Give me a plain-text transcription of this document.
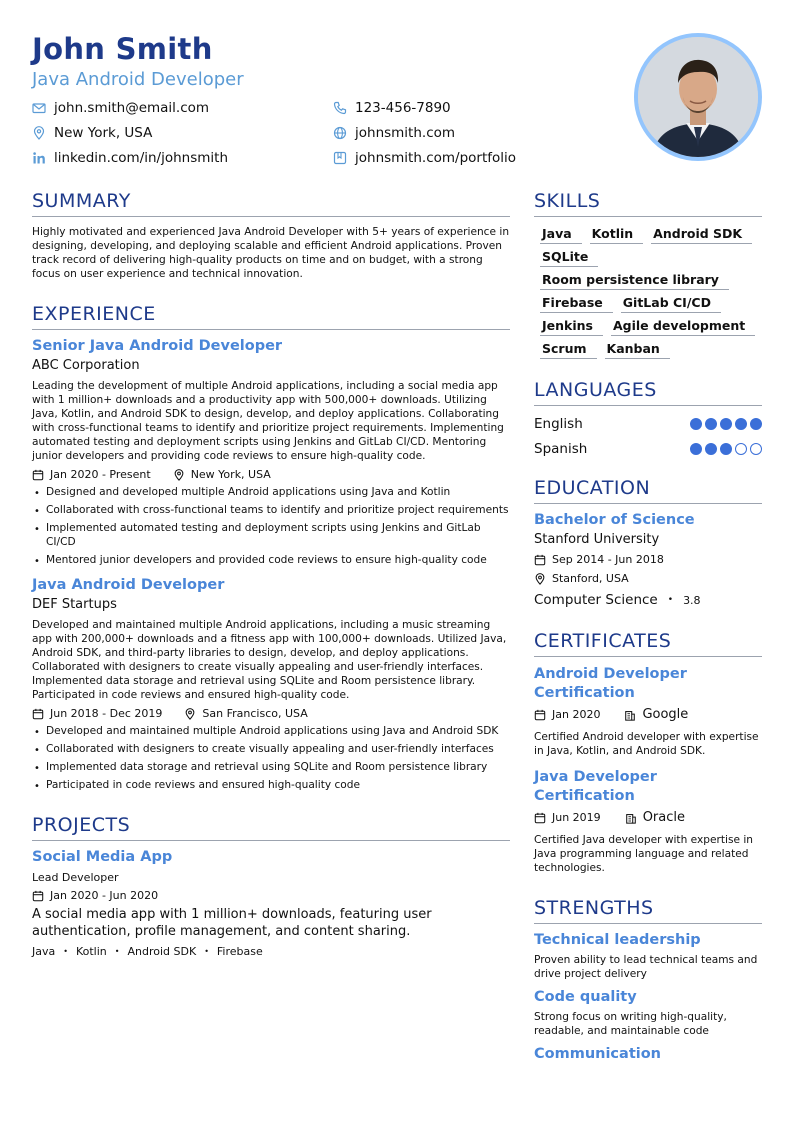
John Smith
Java Android Developer
john.smith@email.com	123-456-7890
New York, USA	johnsmith.com
linkedin.com/in/johnsmith	johnsmith.com/portfolio
SUMMARY
Highly motivated and experienced Java Android Developer with 5+ years of experience in designing, developing, and deploying scalable and efficient Android applications. Proven track record of delivering high-quality products on time and on budget, with a strong focus on user experience and technical innovation.
EXPERIENCE
Senior Java Android Developer
ABC Corporation
Leading the development of multiple Android applications, including a social media app with 1 million+ downloads and a productivity app with 500,000+ downloads. Utilizing Java, Kotlin, and Android SDK to design, develop, and deploy applications. Collaborating with cross-functional teams to identify and prioritize project requirements. Implementing automated testing and deployment scripts using Jenkins and GitLab CI/CD. Mentoring junior developers and providing code reviews to ensure high-quality code.
Jan 2020 - Present	New York, USA
• Designed and developed multiple Android applications using Java and Kotlin
• Collaborated with cross-functional teams to identify and prioritize project requirements
• Implemented automated testing and deployment scripts using Jenkins and GitLab CI/CD
• Mentored junior developers and provided code reviews to ensure high-quality code
Java Android Developer
DEF Startups
Developed and maintained multiple Android applications, including a music streaming app with 200,000+ downloads and a fitness app with 100,000+ downloads. Utilized Java, Android SDK, and third-party libraries to design, develop, and deploy applications. Collaborated with designers to create visually appealing and user-friendly interfaces. Implemented data storage and retrieval using SQLite and Room persistence library. Participated in code reviews and ensured high-quality code.
Jun 2018 - Dec 2019	San Francisco, USA
• Developed and maintained multiple Android applications using Java and Android SDK
• Collaborated with designers to create visually appealing and user-friendly interfaces
• Implemented data storage and retrieval using SQLite and Room persistence library
• Participated in code reviews and ensured high-quality code
PROJECTS
Social Media App
Lead Developer
Jan 2020 - Jun 2020
A social media app with 1 million+ downloads, featuring user authentication, profile management, and content sharing.
Java • Kotlin • Android SDK • Firebase
SKILLS
Java	Kotlin	Android SDK
SQLite
Room persistence library
Firebase	GitLab CI/CD
Jenkins	Agile development
Scrum	Kanban
LANGUAGES
English
Spanish
EDUCATION
Bachelor of Science
Stanford University
Sep 2014 - Jun 2018
Stanford, USA
Computer Science • 3.8
CERTIFICATES
Android Developer Certification
Jan 2020	Google
Certified Android developer with expertise in Java, Kotlin, and Android SDK.
Java Developer Certification
Jun 2019	Oracle
Certified Java developer with expertise in Java programming language and related technologies.
STRENGTHS
Technical leadership
Proven ability to lead technical teams and drive project delivery
Code quality
Strong focus on writing high-quality, readable, and maintainable code
Communication
